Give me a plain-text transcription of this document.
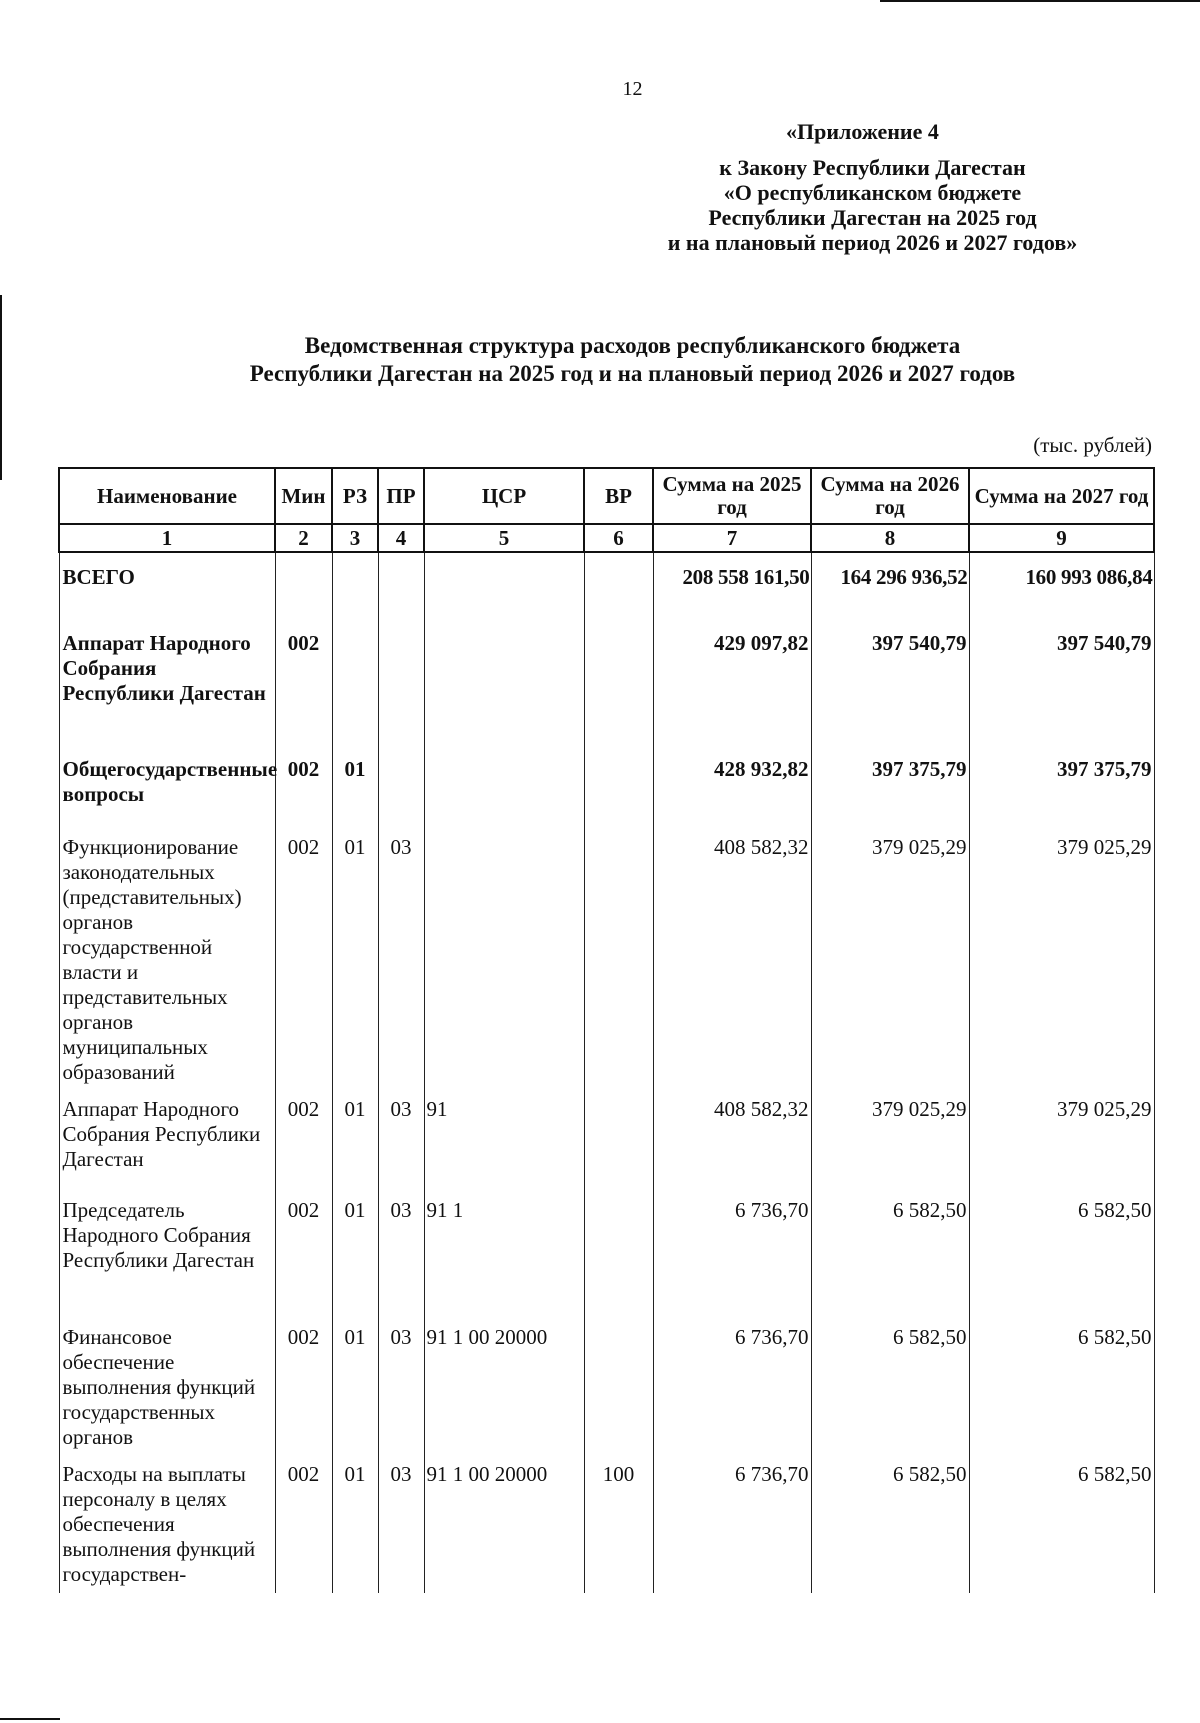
12
«Приложение 4
к Закону Республики Дагестан
«О республиканском бюджете
Республики Дагестан на 2025 год
и на плановый период 2026 и 2027 годов»
Ведомственная структура расходов республиканского бюджета
Республики Дагестан на 2025 год и на плановый период 2026 и 2027 годов
(тыс. рублей)
Наименование	Мин	РЗ	ПР	ЦСР	ВР	Сумма на 2025 год	Сумма на 2026 год	Сумма на 2027 год
1	2	3	4	5	6	7	8	9
ВСЕГО						208 558 161,50	164 296 936,52	160 993 086,84
Аппарат Народного Собрания Республики Дагестан	002					429 097,82	397 540,79	397 540,79
Общегосударственные вопросы	002	01				428 932,82	397 375,79	397 375,79
Функционирование законодательных (представительных) органов государственной власти и представительных органов муниципальных образований	002	01	03			408 582,32	379 025,29	379 025,29
Аппарат Народного Собрания Республики Дагестан	002	01	03	91		408 582,32	379 025,29	379 025,29
Председатель Народного Собрания Республики Дагестан	002	01	03	91 1		6 736,70	6 582,50	6 582,50
Финансовое обеспечение выполнения функций государственных органов	002	01	03	91 1 00 20000		6 736,70	6 582,50	6 582,50
Расходы на выплаты персоналу в целях обеспечения выполнения функций государствен-	002	01	03	91 1 00 20000	100	6 736,70	6 582,50	6 582,50
